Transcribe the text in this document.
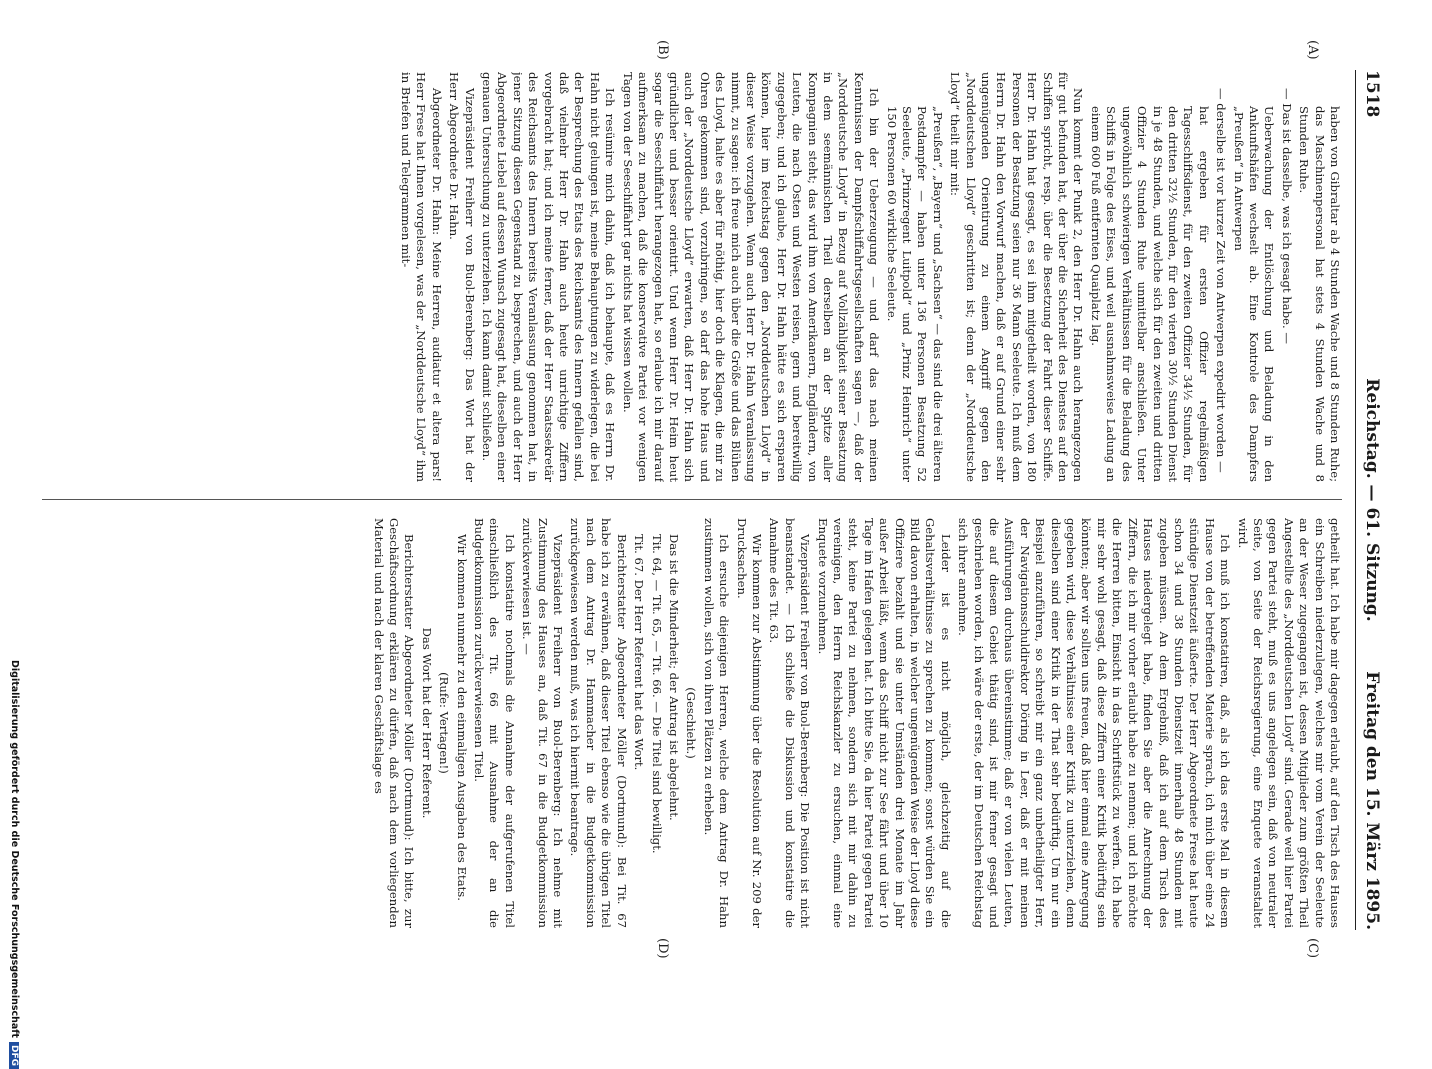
1518
Reichstag. — 61. Sitzung.
Freitag den 15. März 1895.
(A)
(B)
(C)
(D)

haben von Gibraltar ab 4 Stunden Wache und 8 Stunden Ruhe; das Maschinenpersonal hat stets 4 Stunden Wache und 8 Stunden Ruhe.

— Das ist dasselbe, was ich gesagt habe. —

Ueberwachung der Entlöschung und Beladung in den Ankunftshäfen wechselt ab. Eine Kontrole des Dampfers „Preußen“ in Antwerpen

— derselbe ist vor kurzer Zeit von Antwerpen expedirt worden —

hat ergeben für ersten Offizier regelmäßigen Tagesschiffsdienst, für den zweiten Offizier 34½ Stunden, für den dritten 32½ Stunden, für den vierten 30½ Stunden Dienst in je 48 Stunden, und welche sich für den zweiten und dritten Offizier 4 Stunden Ruhe unmittelbar anschließen. Unter ungewöhnlich schwierigen Verhältnissen für die Beladung des Schiffs in Folge des Eises, und weil ausnahmsweise Ladung an einem 600 Fuß entfernten Quaiplatz lag.

Nun kommt der Punkt 2, den Herr Dr. Hahn auch herangezogen für gut befunden hat, der über die Sicherheit des Dienstes auf den Schiffen spricht, resp. über die Besetzung der Fahrt dieser Schiffe. Herr Dr. Hahn hat gesagt, es sei ihm mitgetheilt worden, von 180 Personen der Besatzung seien nur 36 Mann Seeleute. Ich muß dem Herrn Dr. Hahn den Vorwurf machen, daß er auf Grund einer sehr ungenügenden Orientirung zu einem Angriff gegen den „Norddeutschen Lloyd“ geschritten ist; denn der „Norddeutsche Lloyd“ theilt mir mit:

„Preußen“, „Bayern“ und „Sachsen“ — das sind die drei älteren Postdampfer — haben unter 136 Personen Besatzung 52 Seeleute, „Prinzregent Luitpold“ und „Prinz Heinrich“ unter 150 Personen 60 wirkliche Seeleute.

Ich bin der Ueberzeugung — und darf das nach meinen Kenntnissen der Dampfschiffahrtsgesellschaften sagen —, daß der „Norddeutsche Lloyd“ in Bezug auf Vollzähligkeit seiner Besatzung in dem seemännischen Theil derselben an der Spitze aller Kompagnien steht; das wird ihm von Amerikanern, Engländern, von Leuten, die nach Osten und Westen reisen, gern und bereitwillig zugegeben; und ich glaube, Herr Dr. Hahn hätte es sich ersparen können, hier im Reichstag gegen den „Norddeutschen Lloyd“ in dieser Weise vorzugehen. Wenn auch Herr Dr. Hahn Veranlassung nimmt, zu sagen: ich freue mich auch über die Größe und das Blühen des Lloyd, halte es aber für nöthig, hier doch die Klagen, die mir zu Ohren gekommen sind, vorzubringen, so darf das hohe Haus und auch der „Norddeutsche Lloyd“ erwarten, daß Herr Dr. Hahn sich gründlicher und besser orientirt. Und wenn Herr Dr. Heim heut sogar die Seeschiffahrt herangezogen hat, so erlaube ich mir darauf aufmerksam zu machen, daß die konservative Partei vor wenigen Tagen von der Seeschiffahrt gar nichts hat wissen wollen.

Ich resümire mich dahin, daß ich behaupte, daß es Herrn Dr. Hahn nicht gelungen ist, meine Behauptungen zu widerlegen, die bei der Besprechung des Etats des Reichsamts des Innern gefallen sind, daß vielmehr Herr Dr. Hahn auch heute unrichtige Ziffern vorgebracht hat; und ich meine ferner, daß der Herr Staatssekretär des Reichsamts des Innern bereits Veranlassung genommen hat, in jener Sitzung diesen Gegenstand zu besprechen, und auch der Herr Abgeordnete Liebel auf dessen Wunsch zugesagt hat, dieselben einer genauen Untersuchung zu unterziehen. Ich kann damit schließen.

Vizepräsident Freiherr von Buol-Berenberg: Das Wort hat der Herr Abgeordnete Dr. Hahn.

Abgeordneter Dr. Hahn: Meine Herren, audiatur et altera pars! Herr Frese hat Ihnen vorgelesen, was der „Norddeutsche Lloyd“ ihm in Briefen und Telegrammen mit-

getheilt hat. Ich habe mir dagegen erlaubt, auf den Tisch des Hauses ein Schreiben niederzulegen, welches mir vom Verein der Seeleute an der Weser zugegangen ist, dessen Mitglieder zum größten Theil Angestellte des „Norddeutschen Lloyd“ sind. Gerade weil hier Partei gegen Partei steht, muß es uns angelegen sein, daß von neutraler Seite, von Seite der Reichsregierung, eine Enquete veranstaltet wird.

Ich muß ich konstatiren, daß, als ich das erste Mal in diesem Hause von der betreffenden Materie sprach, ich mich über eine 24 stündige Dienstzeit äußerte. Der Herr Abgeordnete Frese hat heute schon 34 und 38 Stunden Dienstzeit innerhalb 48 Stunden mit zugeben müssen. An dem Ergebniß, daß ich auf dem Tisch des Hauses niedergelegt habe, finden Sie aber die Anrechnung der Ziffern, die ich mir vorher erlaubt habe zu nennen; und ich möchte die Herren bitten, Einsicht in das Schriftstück zu werfen. Ich habe mir sehr wohl gesagt, daß diese Ziffern einer Kritik bedürftig sein könnten; aber wir sollten uns freuen, daß hier einmal eine Anregung gegeben wird, diese Verhältnisse einer Kritik zu unterziehen, denn dieselben sind einer Kritik in der That sehr bedürftig. Um nur ein Beispiel anzuführen, so schreibt mir ein ganz unbetheiligter Herr, der Navigationsschuldirektor Döring in Leer, daß er mit meinen Ausführungen durchaus übereinstimme; daß er von vielen Leuten, die auf diesem Gebiet thätig sind, ist mir ferner gesagt und geschrieben worden, ich wäre der erste, der im Deutschen Reichstag sich ihrer annehme.

Leider ist es nicht möglich, gleichzeitig auf die Gehaltsverhältnisse zu sprechen zu kommen; sonst würden Sie ein Bild davon erhalten, in welcher ungenügenden Weise der Lloyd diese Offiziere bezahlt und sie unter Umständen drei Monate im Jahr außer Arbeit läßt, wenn das Schiff nicht zur See fährt und über 10 Tage im Hafen gelegen hat. Ich bitte Sie, da hier Partei gegen Partei steht, keine Partei zu nehmen, sondern sich mit mir dahin zu vereinigen, den Herrn Reichskanzler zu ersuchen, einmal eine Enquete vorzunehmen.

Vizepräsident Freiherr von Buol-Berenberg: Die Position ist nicht beanstandet. — Ich schließe die Diskussion und konstatire die Annahme des Tit. 63.

Wir kommen zur Abstimmung über die Resolution auf Nr. 209 der Drucksachen.

Ich ersuche diejenigen Herren, welche dem Antrag Dr. Hahn zustimmen wollen, sich von ihren Plätzen zu erheben.

(Geschieht.)

Das ist die Minderheit; der Antrag ist abgelehnt.

Tit. 64, — Tit. 65, — Tit. 66. — Die Titel sind bewilligt.

Tit. 67. Der Herr Referent hat das Wort.

Berichterstatter Abgeordneter Möller (Dortmund): Bei Tit. 67 habe ich zu erwähnen, daß dieser Titel ebenso wie die übrigen Titel nach dem Antrag Dr. Hammacher in die Budgetkommission zurückgewiesen werden muß, was ich hiermit beantrage.

Vizepräsident Freiherr von Buol-Berenberg: Ich nehme mit Zustimmung des Hauses an, daß Tit. 67 in die Budgetkommission zurückverwiesen ist. —

Ich konstatire nochmals die Annahme der aufgerufenen Titel einschließlich des Tit. 66 mit Ausnahme der an die Budgetkommission zurückverwiesenen Titel.

Wir kommen nunmehr zu den einmaligen Ausgaben des Etats.

(Rufe: Vertagen!)

Das Wort hat der Herr Referent.

Berichterstatter Abgeordneter Möller (Dortmund): Ich bitte, zur Geschäftsordnung erklären zu dürfen, daß nach dem vorliegenden Material und nach der klaren Geschäftslage es

Digitalisierung gefördert durch die Deutsche ForschungsgemeinschaftDFG
